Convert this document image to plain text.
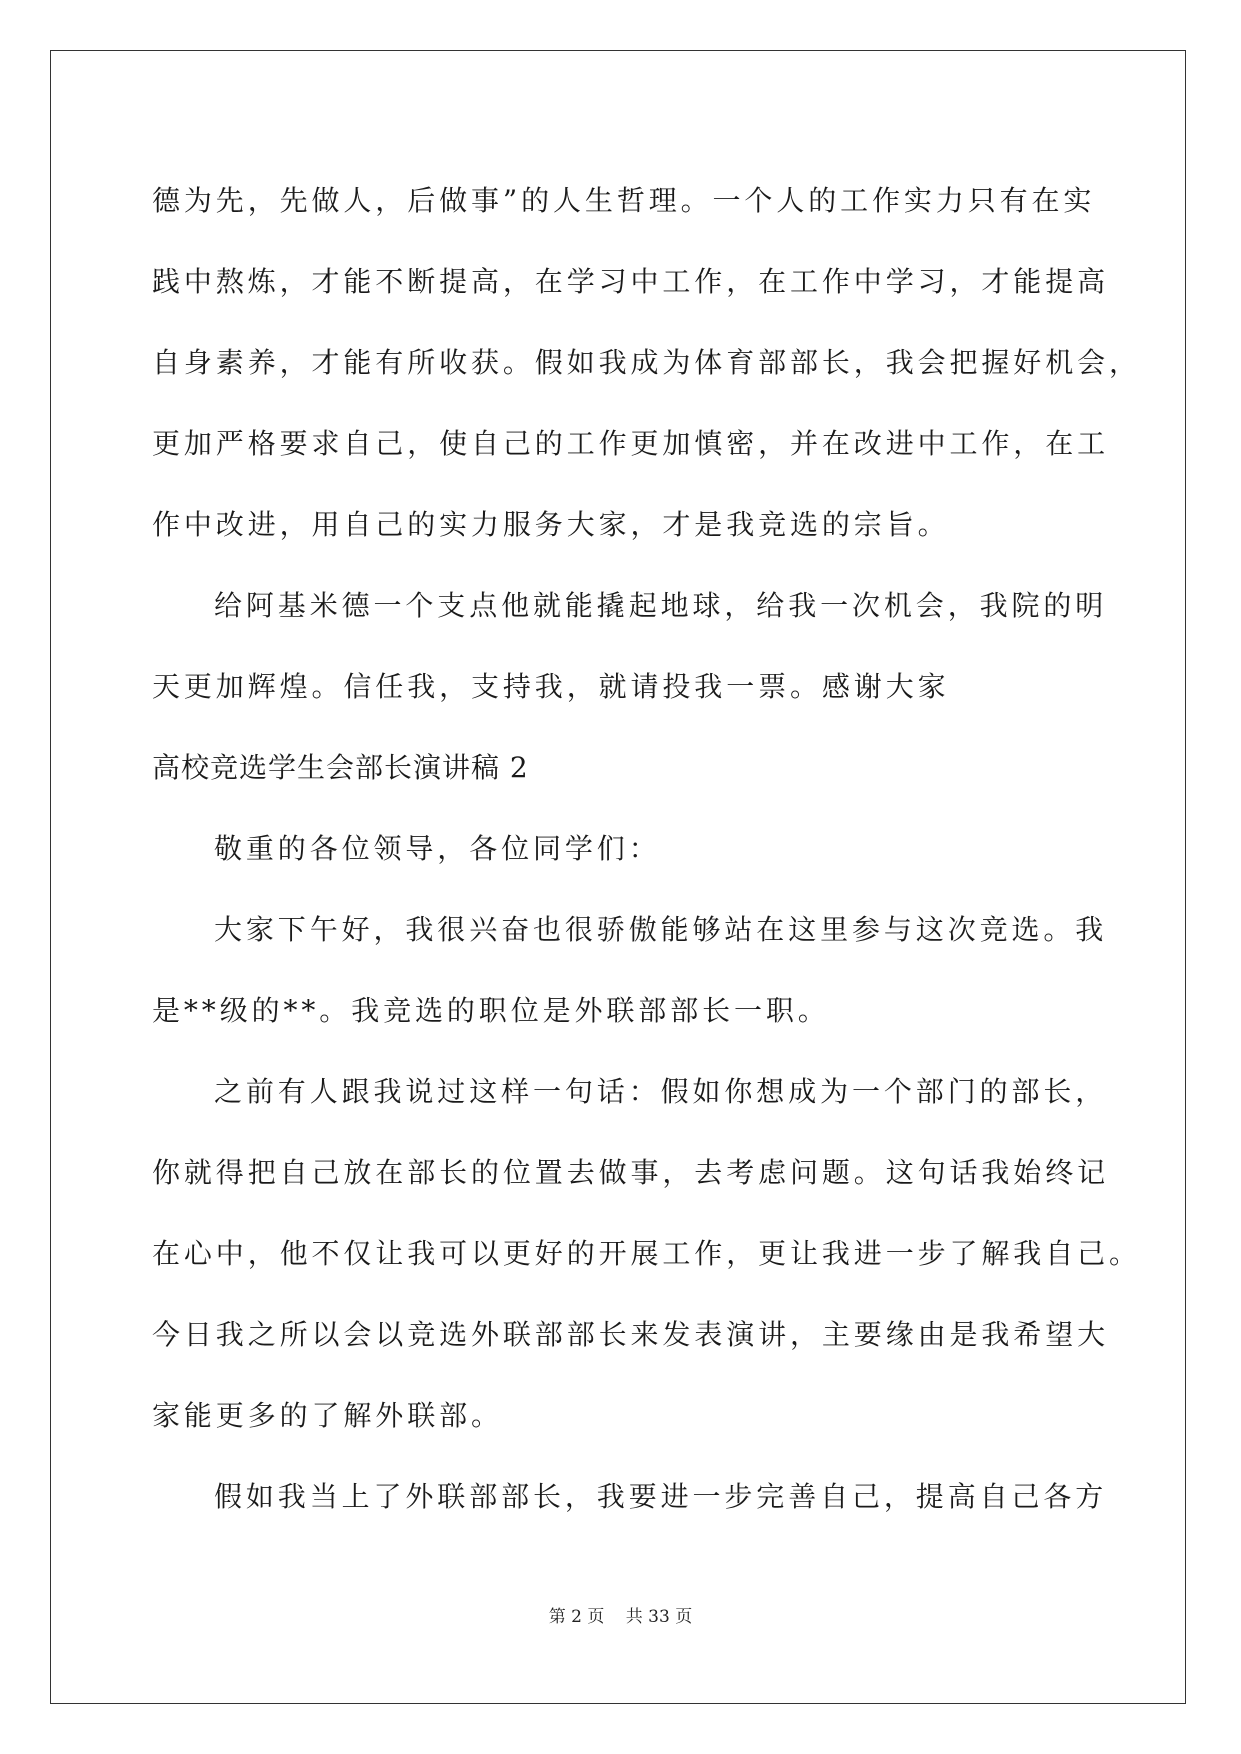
德为先，先做人，后做事”的人生哲理。一个人的工作实力只有在实
践中熬炼，才能不断提高，在学习中工作，在工作中学习，才能提高
自身素养，才能有所收获。假如我成为体育部部长，我会把握好机会，
更加严格要求自己，使自己的工作更加慎密，并在改进中工作，在工
作中改进，用自己的实力服务大家，才是我竞选的宗旨。
给阿基米德一个支点他就能撬起地球，给我一次机会，我院的明
天更加辉煌。信任我，支持我，就请投我一票。感谢大家
高校竞选学生会部长演讲稿 2
敬重的各位领导，各位同学们：
大家下午好，我很兴奋也很骄傲能够站在这里参与这次竞选。我
是**级的**。我竞选的职位是外联部部长一职。
之前有人跟我说过这样一句话：假如你想成为一个部门的部长，
你就得把自己放在部长的位置去做事，去考虑问题。这句话我始终记
在心中，他不仅让我可以更好的开展工作，更让我进一步了解我自己。
今日我之所以会以竞选外联部部长来发表演讲，主要缘由是我希望大
家能更多的了解外联部。
假如我当上了外联部部长，我要进一步完善自己，提高自己各方
第 2 页 共 33 页
